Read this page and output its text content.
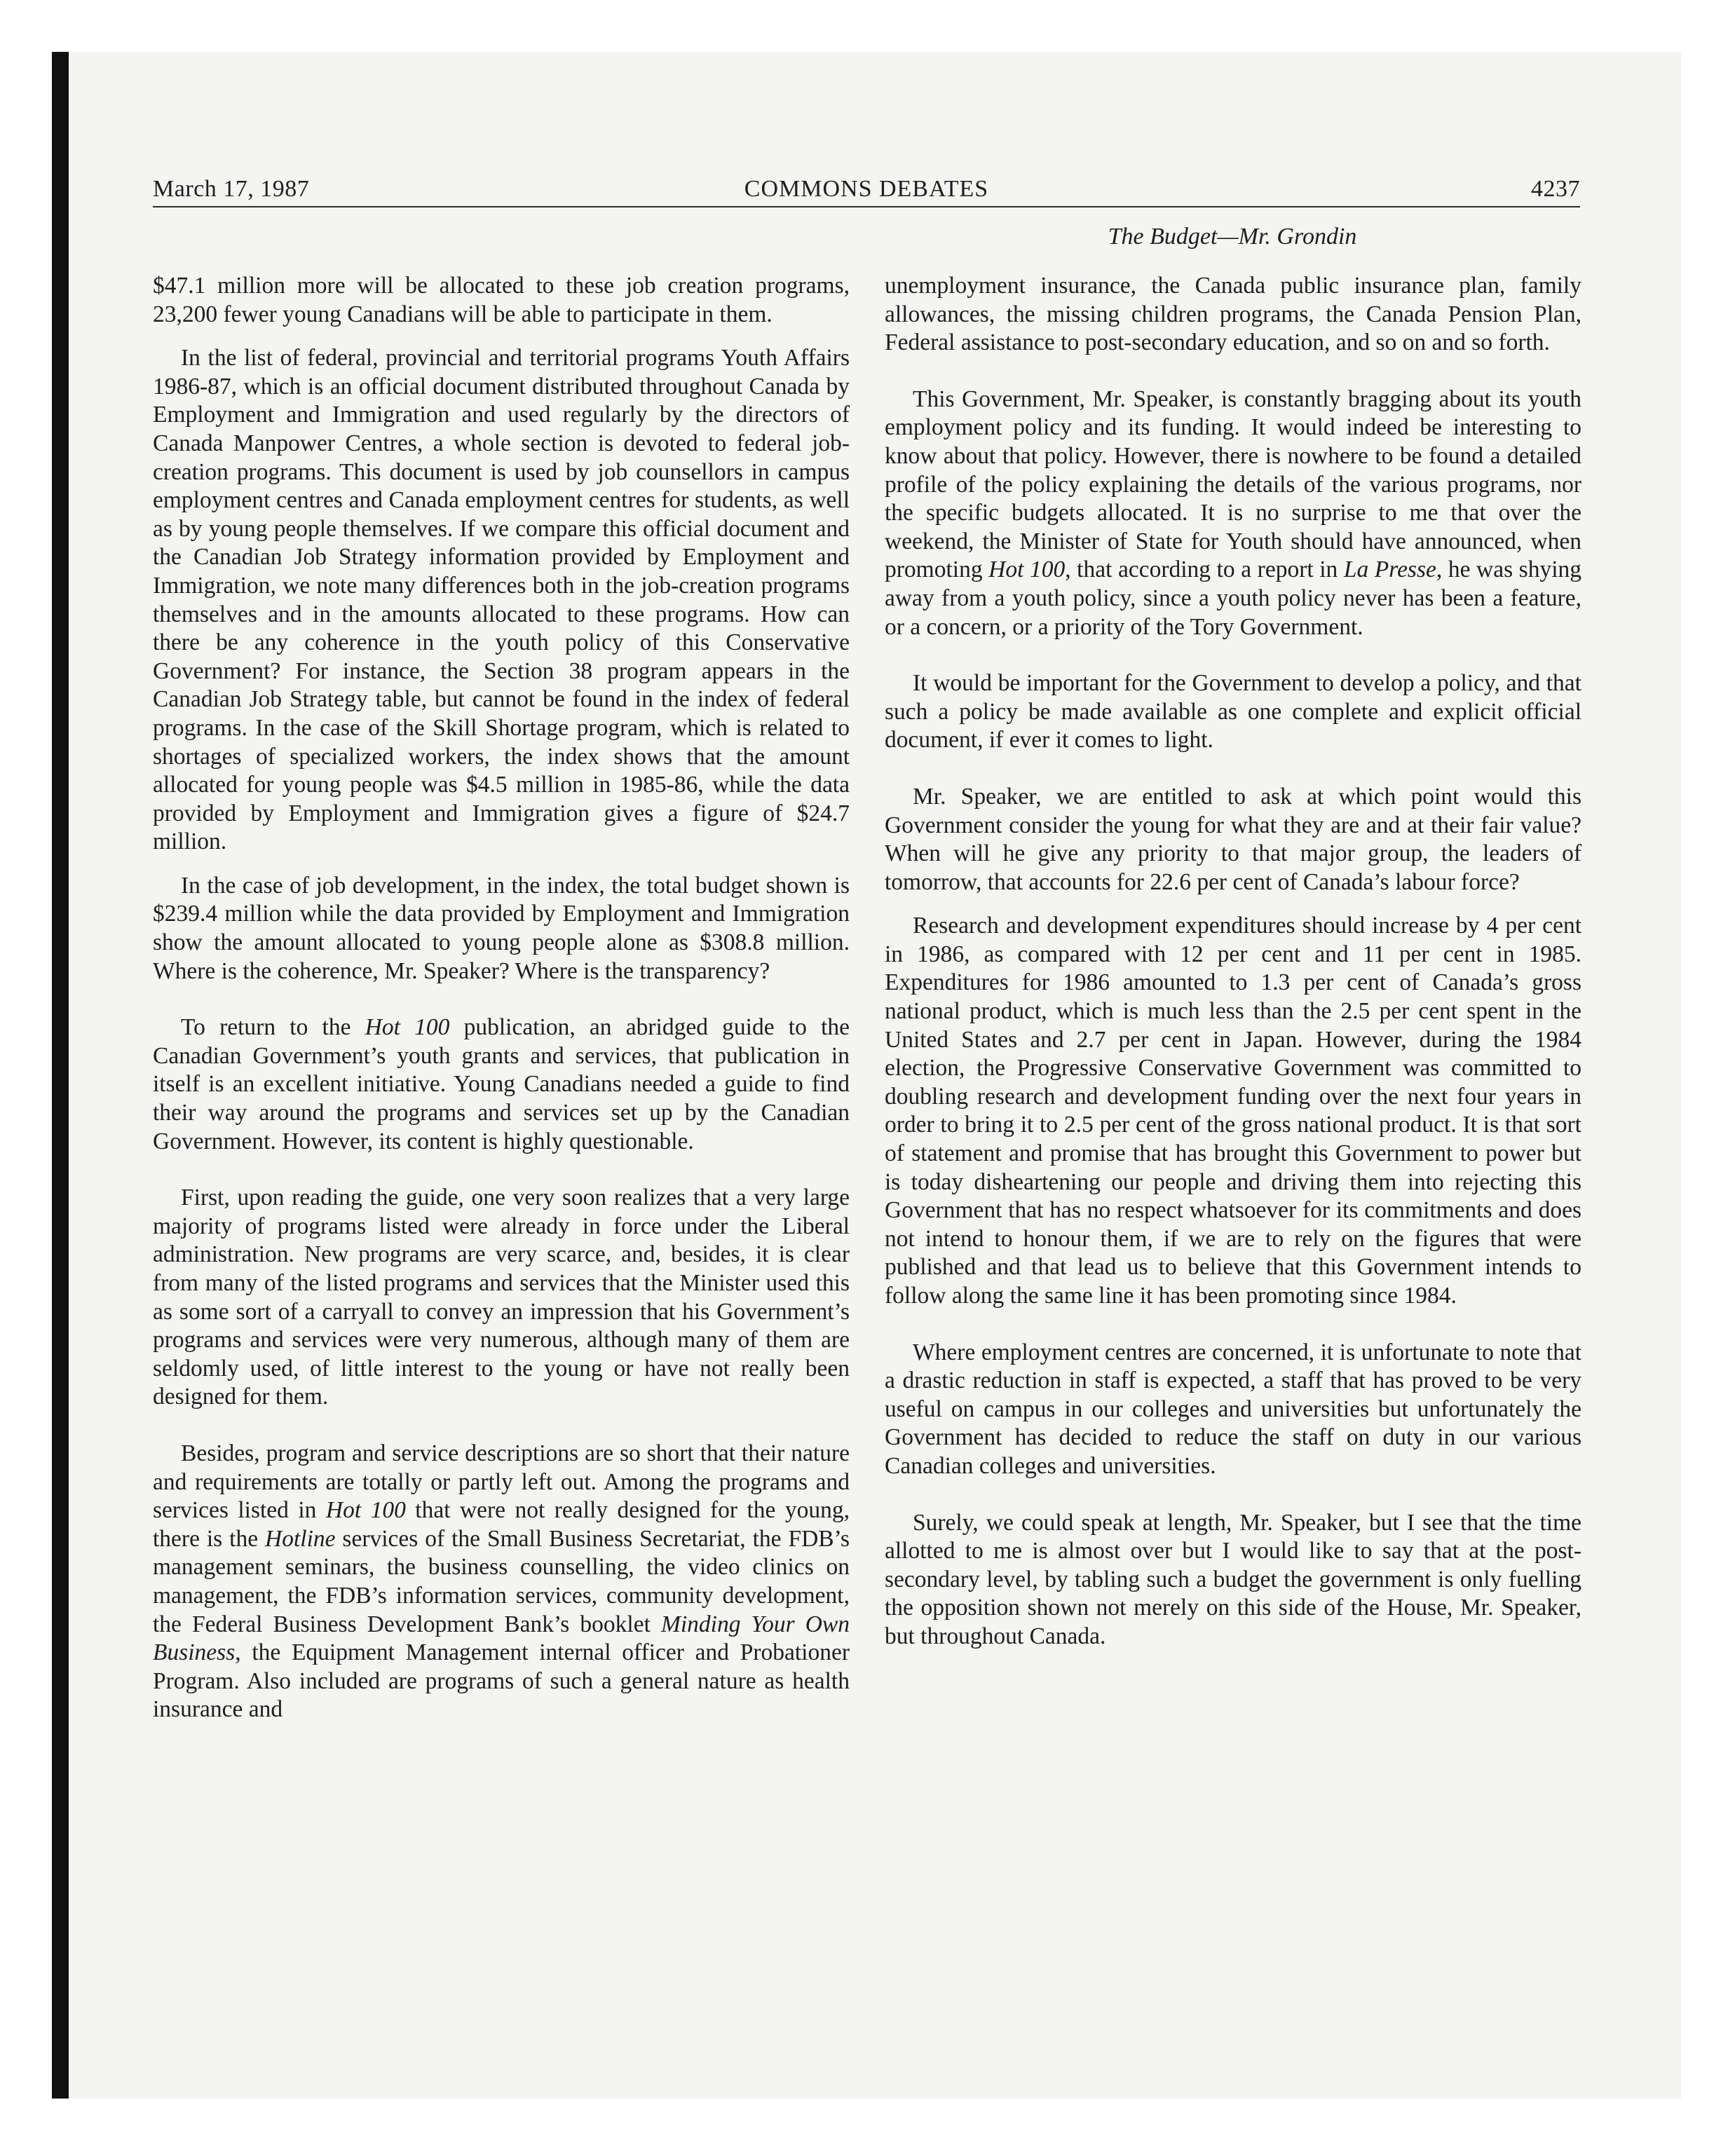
March 17, 1987	COMMONS DEBATES	4237
The Budget—Mr. Grondin

$47.1 million more will be allocated to these job creation programs, 23,200 fewer young Canadians will be able to participate in them.

In the list of federal, provincial and territorial programs Youth Affairs 1986-87, which is an official document distributed throughout Canada by Employment and Immigration and used regularly by the directors of Canada Manpower Centres, a whole section is devoted to federal job-creation programs. This document is used by job counsellors in campus employment centres and Canada employment centres for students, as well as by young people themselves. If we compare this official document and the Canadian Job Strategy information provided by Employment and Immigration, we note many differences both in the job-creation programs themselves and in the amounts allocated to these programs. How can there be any coherence in the youth policy of this Conservative Government? For instance, the Section 38 program appears in the Canadian Job Strategy table, but cannot be found in the index of federal programs. In the case of the Skill Shortage program, which is related to shortages of specialized workers, the index shows that the amount allocated for young people was $4.5 million in 1985-86, while the data provided by Employment and Immigration gives a figure of $24.7 million.

In the case of job development, in the index, the total budget shown is $239.4 million while the data provided by Employment and Immigration show the amount allocated to young people alone as $308.8 million. Where is the coherence, Mr. Speaker? Where is the transparency?

To return to the Hot 100 publication, an abridged guide to the Canadian Government’s youth grants and services, that publication in itself is an excellent initiative. Young Canadians needed a guide to find their way around the programs and services set up by the Canadian Government. However, its content is highly questionable.

First, upon reading the guide, one very soon realizes that a very large majority of programs listed were already in force under the Liberal administration. New programs are very scarce, and, besides, it is clear from many of the listed programs and services that the Minister used this as some sort of a carryall to convey an impression that his Government’s programs and services were very numerous, although many of them are seldomly used, of little interest to the young or have not really been designed for them.

Besides, program and service descriptions are so short that their nature and requirements are totally or partly left out. Among the programs and services listed in Hot 100 that were not really designed for the young, there is the Hotline services of the Small Business Secretariat, the FDB’s management seminars, the business counselling, the video clinics on management, the FDB’s information services, community development, the Federal Business Development Bank’s booklet Minding Your Own Business, the Equipment Management internal officer and Probationer Program. Also included are programs of such a general nature as health insurance and

unemployment insurance, the Canada public insurance plan, family allowances, the missing children programs, the Canada Pension Plan, Federal assistance to post-secondary education, and so on and so forth.

This Government, Mr. Speaker, is constantly bragging about its youth employment policy and its funding. It would indeed be interesting to know about that policy. However, there is nowhere to be found a detailed profile of the policy explaining the details of the various programs, nor the specific budgets allocated. It is no surprise to me that over the weekend, the Minister of State for Youth should have announced, when promoting Hot 100, that according to a report in La Presse, he was shying away from a youth policy, since a youth policy never has been a feature, or a concern, or a priority of the Tory Government.

It would be important for the Government to develop a policy, and that such a policy be made available as one complete and explicit official document, if ever it comes to light.

Mr. Speaker, we are entitled to ask at which point would this Government consider the young for what they are and at their fair value? When will he give any priority to that major group, the leaders of tomorrow, that accounts for 22.6 per cent of Canada’s labour force?

Research and development expenditures should increase by 4 per cent in 1986, as compared with 12 per cent and 11 per cent in 1985. Expenditures for 1986 amounted to 1.3 per cent of Canada’s gross national product, which is much less than the 2.5 per cent spent in the United States and 2.7 per cent in Japan. However, during the 1984 election, the Progressive Conservative Government was committed to doubling research and development funding over the next four years in order to bring it to 2.5 per cent of the gross national product. It is that sort of statement and promise that has brought this Government to power but is today disheartening our people and driving them into rejecting this Government that has no respect whatsoever for its commitments and does not intend to honour them, if we are to rely on the figures that were published and that lead us to believe that this Government intends to follow along the same line it has been promoting since 1984.

Where employment centres are concerned, it is unfortunate to note that a drastic reduction in staff is expected, a staff that has proved to be very useful on campus in our colleges and universities but unfortunately the Government has decided to reduce the staff on duty in our various Canadian colleges and universities.

Surely, we could speak at length, Mr. Speaker, but I see that the time allotted to me is almost over but I would like to say that at the post-secondary level, by tabling such a budget the government is only fuelling the opposition shown not merely on this side of the House, Mr. Speaker, but throughout Canada.
